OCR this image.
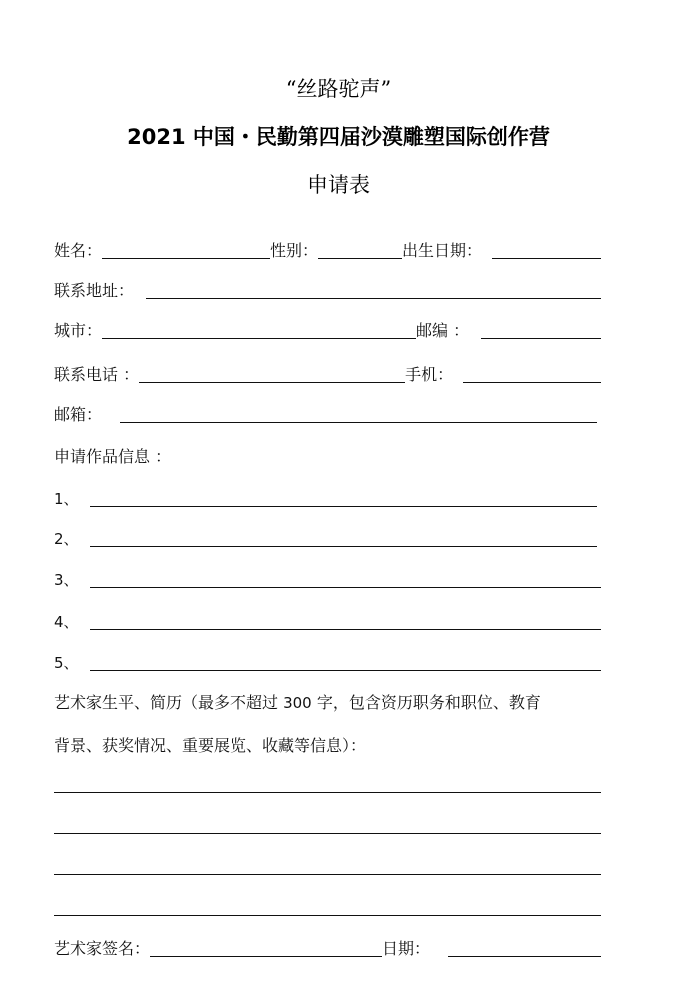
“丝路驼声”
2021 中国・民勤第四届沙漠雕塑国际创作营
申请表
姓名：	性别：	出生日期：
联系地址：
城市：	邮编 ：
联系电话 ：	手机：
邮箱：
申请作品信息 ：
1、
2、
3、
4、
5、
艺术家生平、简历（最多不超过 300 字，包含资历职务和职位、教育
背景、获奖情况、重要展览、收藏等信息）：
艺术家签名：	日期：
